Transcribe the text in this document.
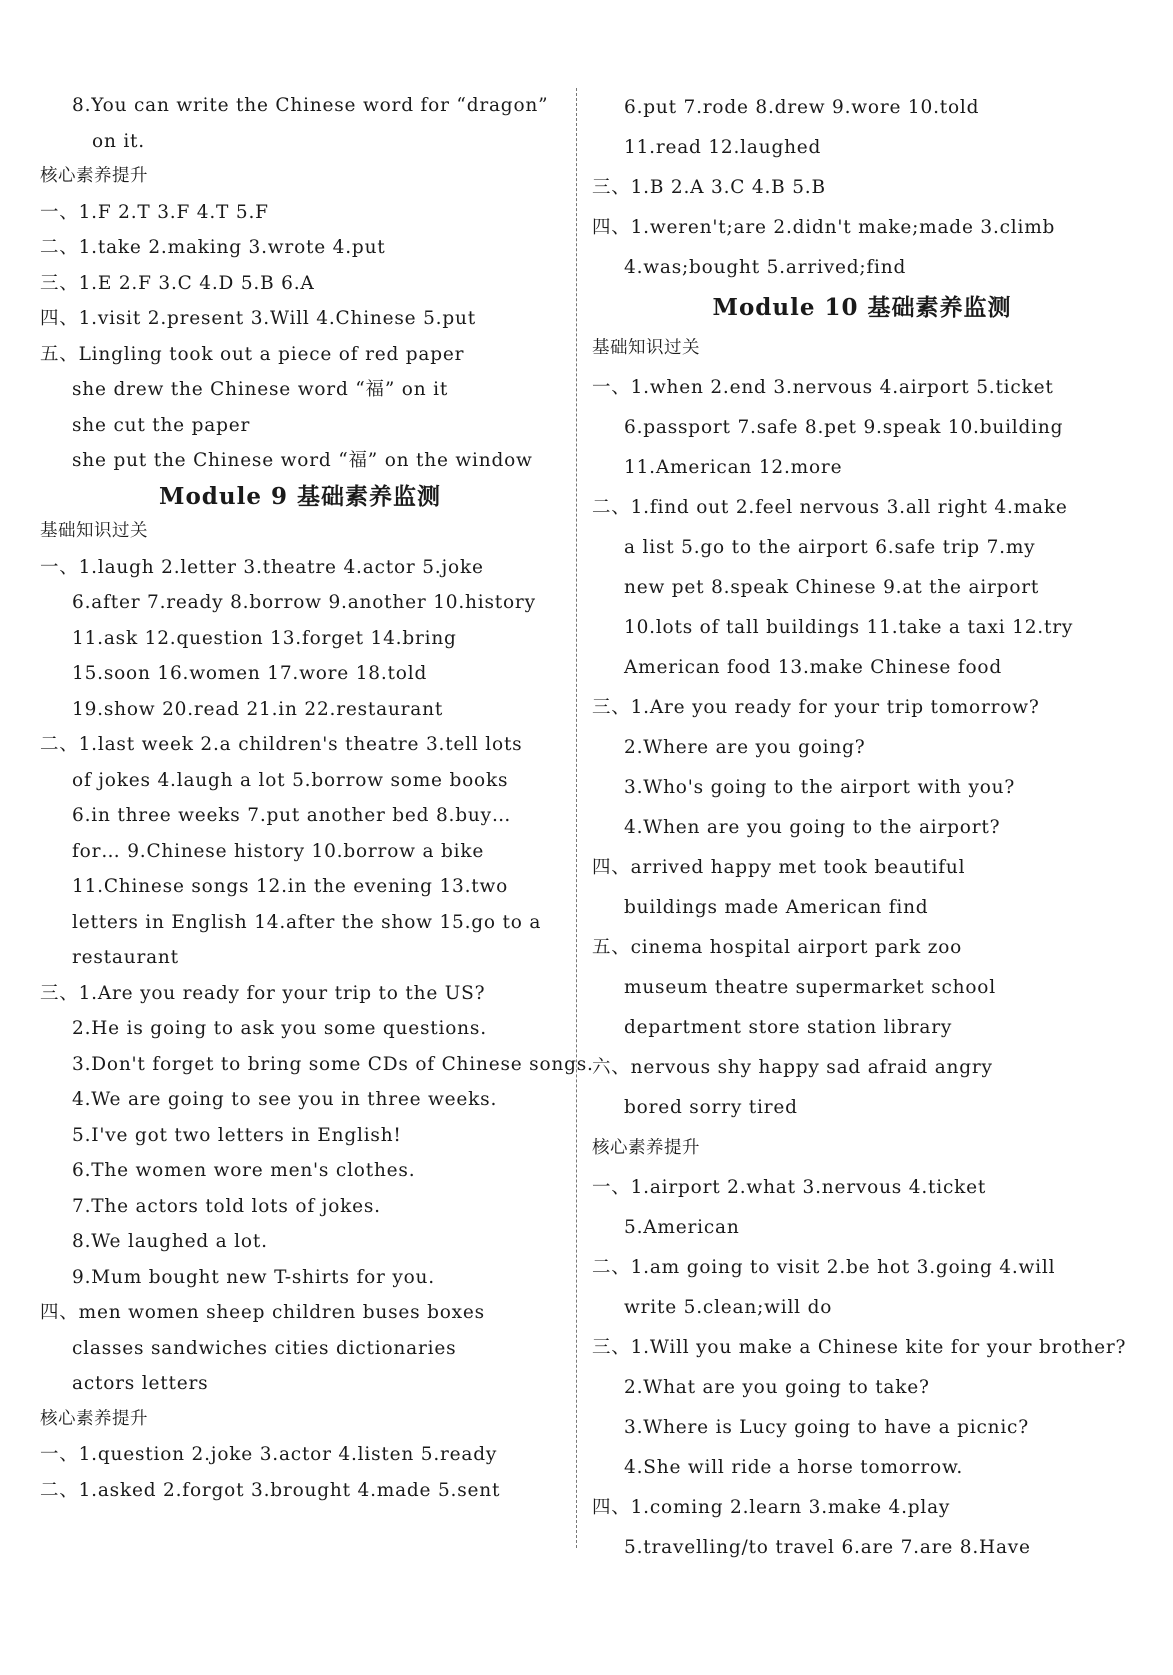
8.You can write the Chinese word for “dragon”
on it.
核心素养提升
一、1.F 2.T 3.F 4.T 5.F
二、1.take 2.making 3.wrote 4.put
三、1.E 2.F 3.C 4.D 5.B 6.A
四、1.visit 2.present 3.Will 4.Chinese 5.put
五、Lingling took out a piece of red paper
she drew the Chinese word “福” on it
she cut the paper
she put the Chinese word “福” on the window
Module 9 基础素养监测
基础知识过关
一、1.laugh 2.letter 3.theatre 4.actor 5.joke
6.after 7.ready 8.borrow 9.another 10.history
11.ask 12.question 13.forget 14.bring
15.soon 16.women 17.wore 18.told
19.show 20.read 21.in 22.restaurant
二、1.last week 2.a children's theatre 3.tell lots
of jokes 4.laugh a lot 5.borrow some books
6.in three weeks 7.put another bed 8.buy…
for… 9.Chinese history 10.borrow a bike
11.Chinese songs 12.in the evening 13.two
letters in English 14.after the show 15.go to a
restaurant
三、1.Are you ready for your trip to the US?
2.He is going to ask you some questions.
3.Don't forget to bring some CDs of Chinese songs.
4.We are going to see you in three weeks.
5.I've got two letters in English!
6.The women wore men's clothes.
7.The actors told lots of jokes.
8.We laughed a lot.
9.Mum bought new T-shirts for you.
四、men women sheep children buses boxes
classes sandwiches cities dictionaries
actors letters
核心素养提升
一、1.question 2.joke 3.actor 4.listen 5.ready
二、1.asked 2.forgot 3.brought 4.made 5.sent
6.put 7.rode 8.drew 9.wore 10.told
11.read 12.laughed
三、1.B 2.A 3.C 4.B 5.B
四、1.weren't;are 2.didn't make;made 3.climb
4.was;bought 5.arrived;find
Module 10 基础素养监测
基础知识过关
一、1.when 2.end 3.nervous 4.airport 5.ticket
6.passport 7.safe 8.pet 9.speak 10.building
11.American 12.more
二、1.find out 2.feel nervous 3.all right 4.make
a list 5.go to the airport 6.safe trip 7.my
new pet 8.speak Chinese 9.at the airport
10.lots of tall buildings 11.take a taxi 12.try
American food 13.make Chinese food
三、1.Are you ready for your trip tomorrow?
2.Where are you going?
3.Who's going to the airport with you?
4.When are you going to the airport?
四、arrived happy met took beautiful
buildings made American find
五、cinema hospital airport park zoo
museum theatre supermarket school
department store station library
六、nervous shy happy sad afraid angry
bored sorry tired
核心素养提升
一、1.airport 2.what 3.nervous 4.ticket
5.American
二、1.am going to visit 2.be hot 3.going 4.will
write 5.clean;will do
三、1.Will you make a Chinese kite for your brother?
2.What are you going to take?
3.Where is Lucy going to have a picnic?
4.She will ride a horse tomorrow.
四、1.coming 2.learn 3.make 4.play
5.travelling/to travel 6.are 7.are 8.Have
